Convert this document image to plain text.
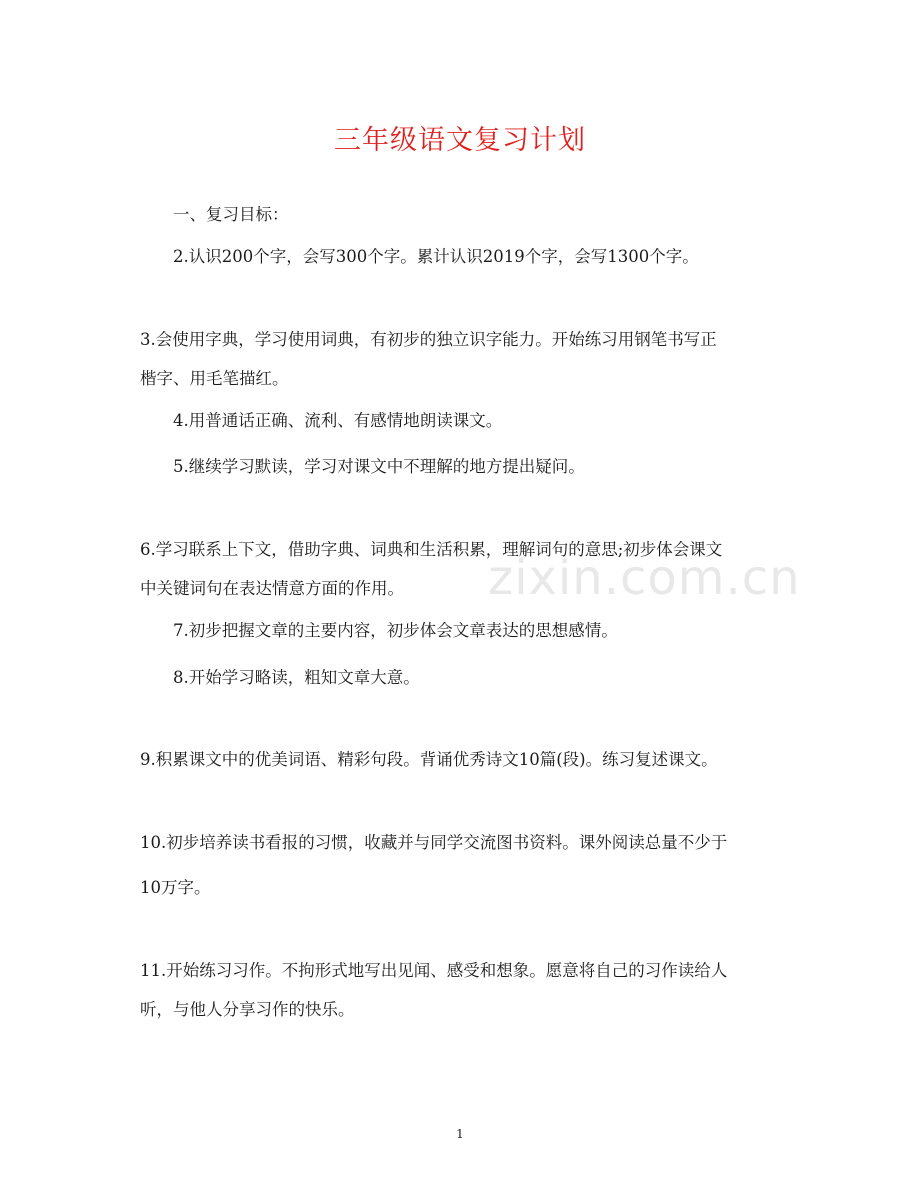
三年级语文复习计划
一、复习目标：
2.认识200个字，会写300个字。累计认识2019个字，会写1300个字。
3.会使用字典，学习使用词典，有初步的独立识字能力。开始练习用钢笔书写正
楷字、用毛笔描红。
4.用普通话正确、流利、有感情地朗读课文。
5.继续学习默读，学习对课文中不理解的地方提出疑问。
6.学习联系上下文，借助字典、词典和生活积累，理解词句的意思;初步体会课文
中关键词句在表达情意方面的作用。
7.初步把握文章的主要内容，初步体会文章表达的思想感情。
8.开始学习略读，粗知文章大意。
9.积累课文中的优美词语、精彩句段。背诵优秀诗文10篇(段)。练习复述课文。
10.初步培养读书看报的习惯，收藏并与同学交流图书资料。课外阅读总量不少于
10万字。
11.开始练习习作。不拘形式地写出见闻、感受和想象。愿意将自己的习作读给人
听，与他人分享习作的快乐。
zixin.com.cn
1
